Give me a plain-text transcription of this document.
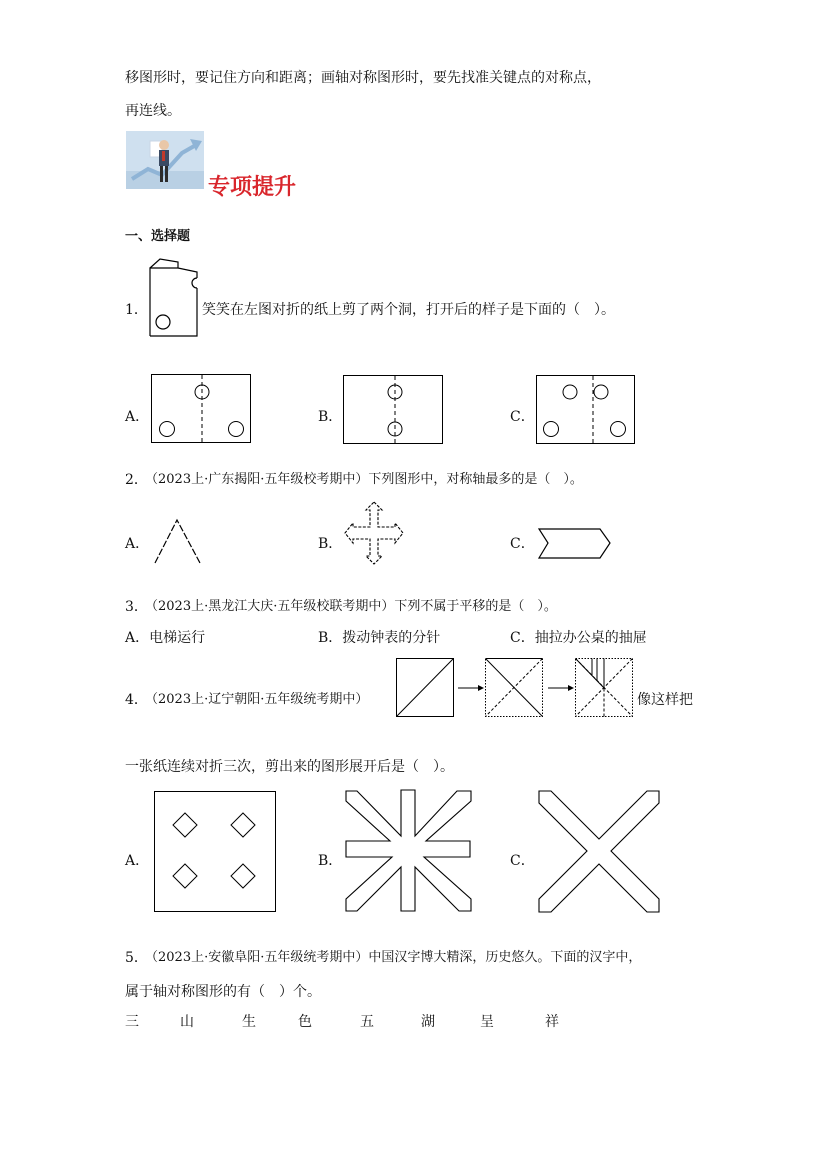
移图形时，要记住方向和距离；画轴对称图形时，要先找准关键点的对称点，
再连线。
专项提升
一、选择题
1．	笑笑在左图对折的纸上剪了两个洞，打开后的样子是下面的（　）。
A．	B．	C．
2．
（2023上·广东揭阳·五年级校考期中）下列图形中，对称轴最多的是（　）。
A．	B．	C．
3．
（2023上·黑龙江大庆·五年级校联考期中）下列不属于平移的是（　）。
A．电梯运行	B．拨动钟表的分针	C．抽拉办公桌的抽屉
4．
（2023上·辽宁朝阳·五年级统考期中）	像这样把
一张纸连续对折三次，剪出来的图形展开后是（　）。
A．	B．	C．
5．
（2023上·安徽阜阳·五年级统考期中）中国汉字博大精深，历史悠久。下面的汉字中，
属于轴对称图形的有（　）个。
三	山	生	色	五	湖	呈	祥
